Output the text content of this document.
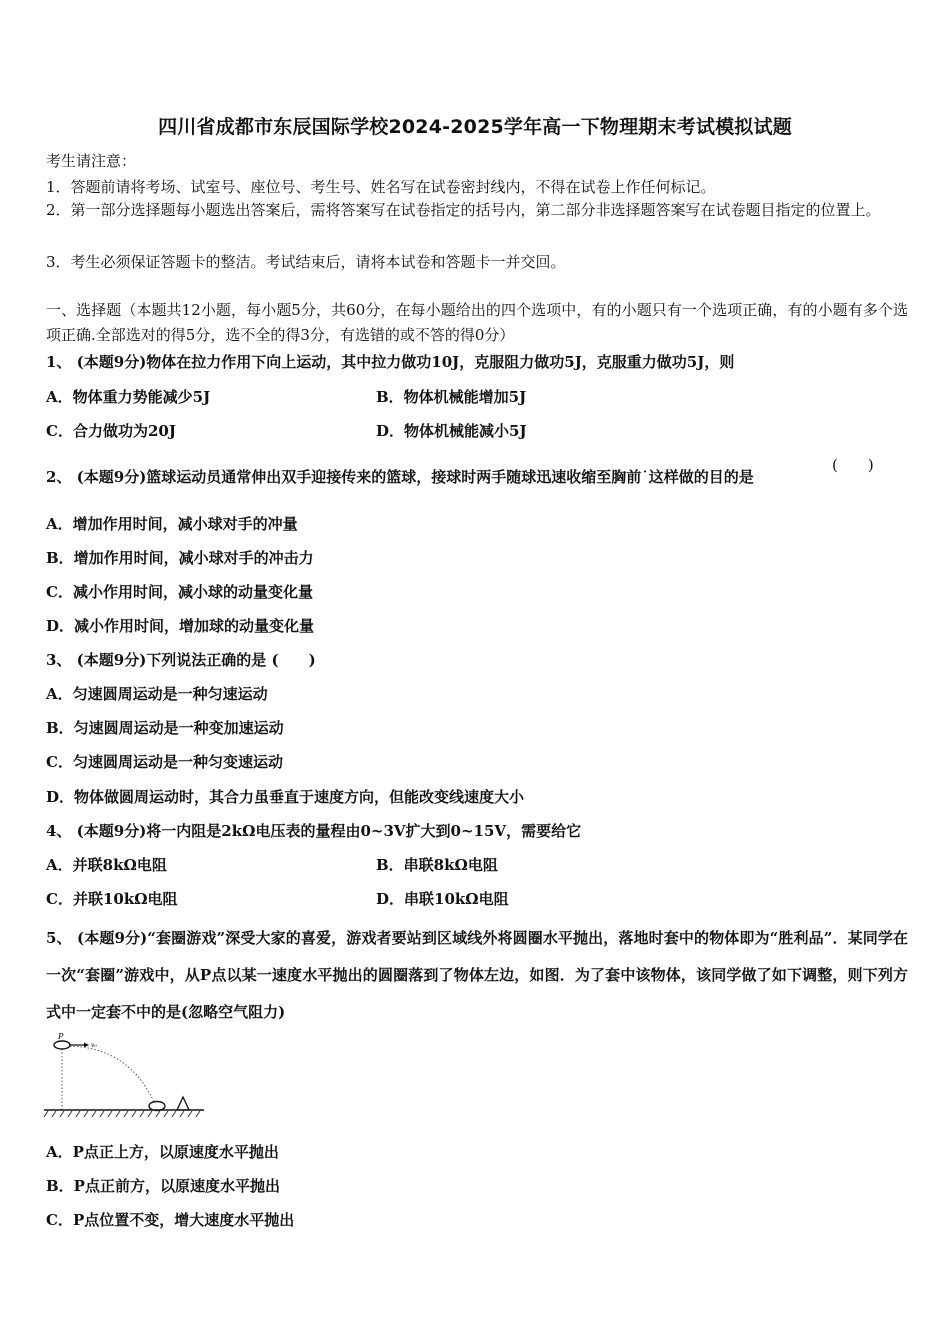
四川省成都市东辰国际学校2024-2025学年高一下物理期末考试模拟试题
考生请注意：
1．答题前请将考场、试室号、座位号、考生号、姓名写在试卷密封线内，不得在试卷上作任何标记。
2．第一部分选择题每小题选出答案后，需将答案写在试卷指定的括号内，第二部分非选择题答案写在试卷题目指定的位置上。
3．考生必须保证答题卡的整洁。考试结束后，请将本试卷和答题卡一并交回。
一、选择题（本题共12小题，每小题5分，共60分，在每小题给出的四个选项中，有的小题只有一个选项正确，有的小题有多个选项正确.全部选对的得5分，选不全的得3分，有选错的或不答的得0分）
1、 (本题9分)物体在拉力作用下向上运动，其中拉力做功10J，克服阻力做功5J，克服重力做功5J，则
A．物体重力势能减少5J	B．物体机械能增加5J
C．合力做功为20J	D．物体机械能减小5J
2、 (本题9分)篮球运动员通常伸出双手迎接传来的篮球，接球时两手随球迅速收缩至胸前˙这样做的目的是
(　　)
A．增加作用时间，减小球对手的冲量
B．增加作用时间，减小球对手的冲击力
C．减小作用时间，减小球的动量变化量
D．减小作用时间，增加球的动量变化量
3、 (本题9分)下列说法正确的是 (　　)
A．匀速圆周运动是一种匀速运动
B．匀速圆周运动是一种变加速运动
C．匀速圆周运动是一种匀变速运动
D．物体做圆周运动时，其合力虽垂直于速度方向，但能改变线速度大小
4、 (本题9分)将一内阻是2kΩ电压表的量程由0~3V扩大到0~15V，需要给它
A．并联8kΩ电阻	B．串联8kΩ电阻
C．并联10kΩ电阻	D．串联10kΩ电阻
5、 (本题9分)“套圈游戏”深受大家的喜爱，游戏者要站到区域线外将圆圈水平抛出，落地时套中的物体即为“胜利品”．某同学在一次“套圈”游戏中，从P点以某一速度水平抛出的圆圈落到了物体左边，如图．为了套中该物体，该同学做了如下调整，则下列方式中一定套不中的是(忽略空气阻力)
P
v₀
A．P点正上方，以原速度水平抛出
B．P点正前方，以原速度水平抛出
C．P点位置不变，增大速度水平抛出
